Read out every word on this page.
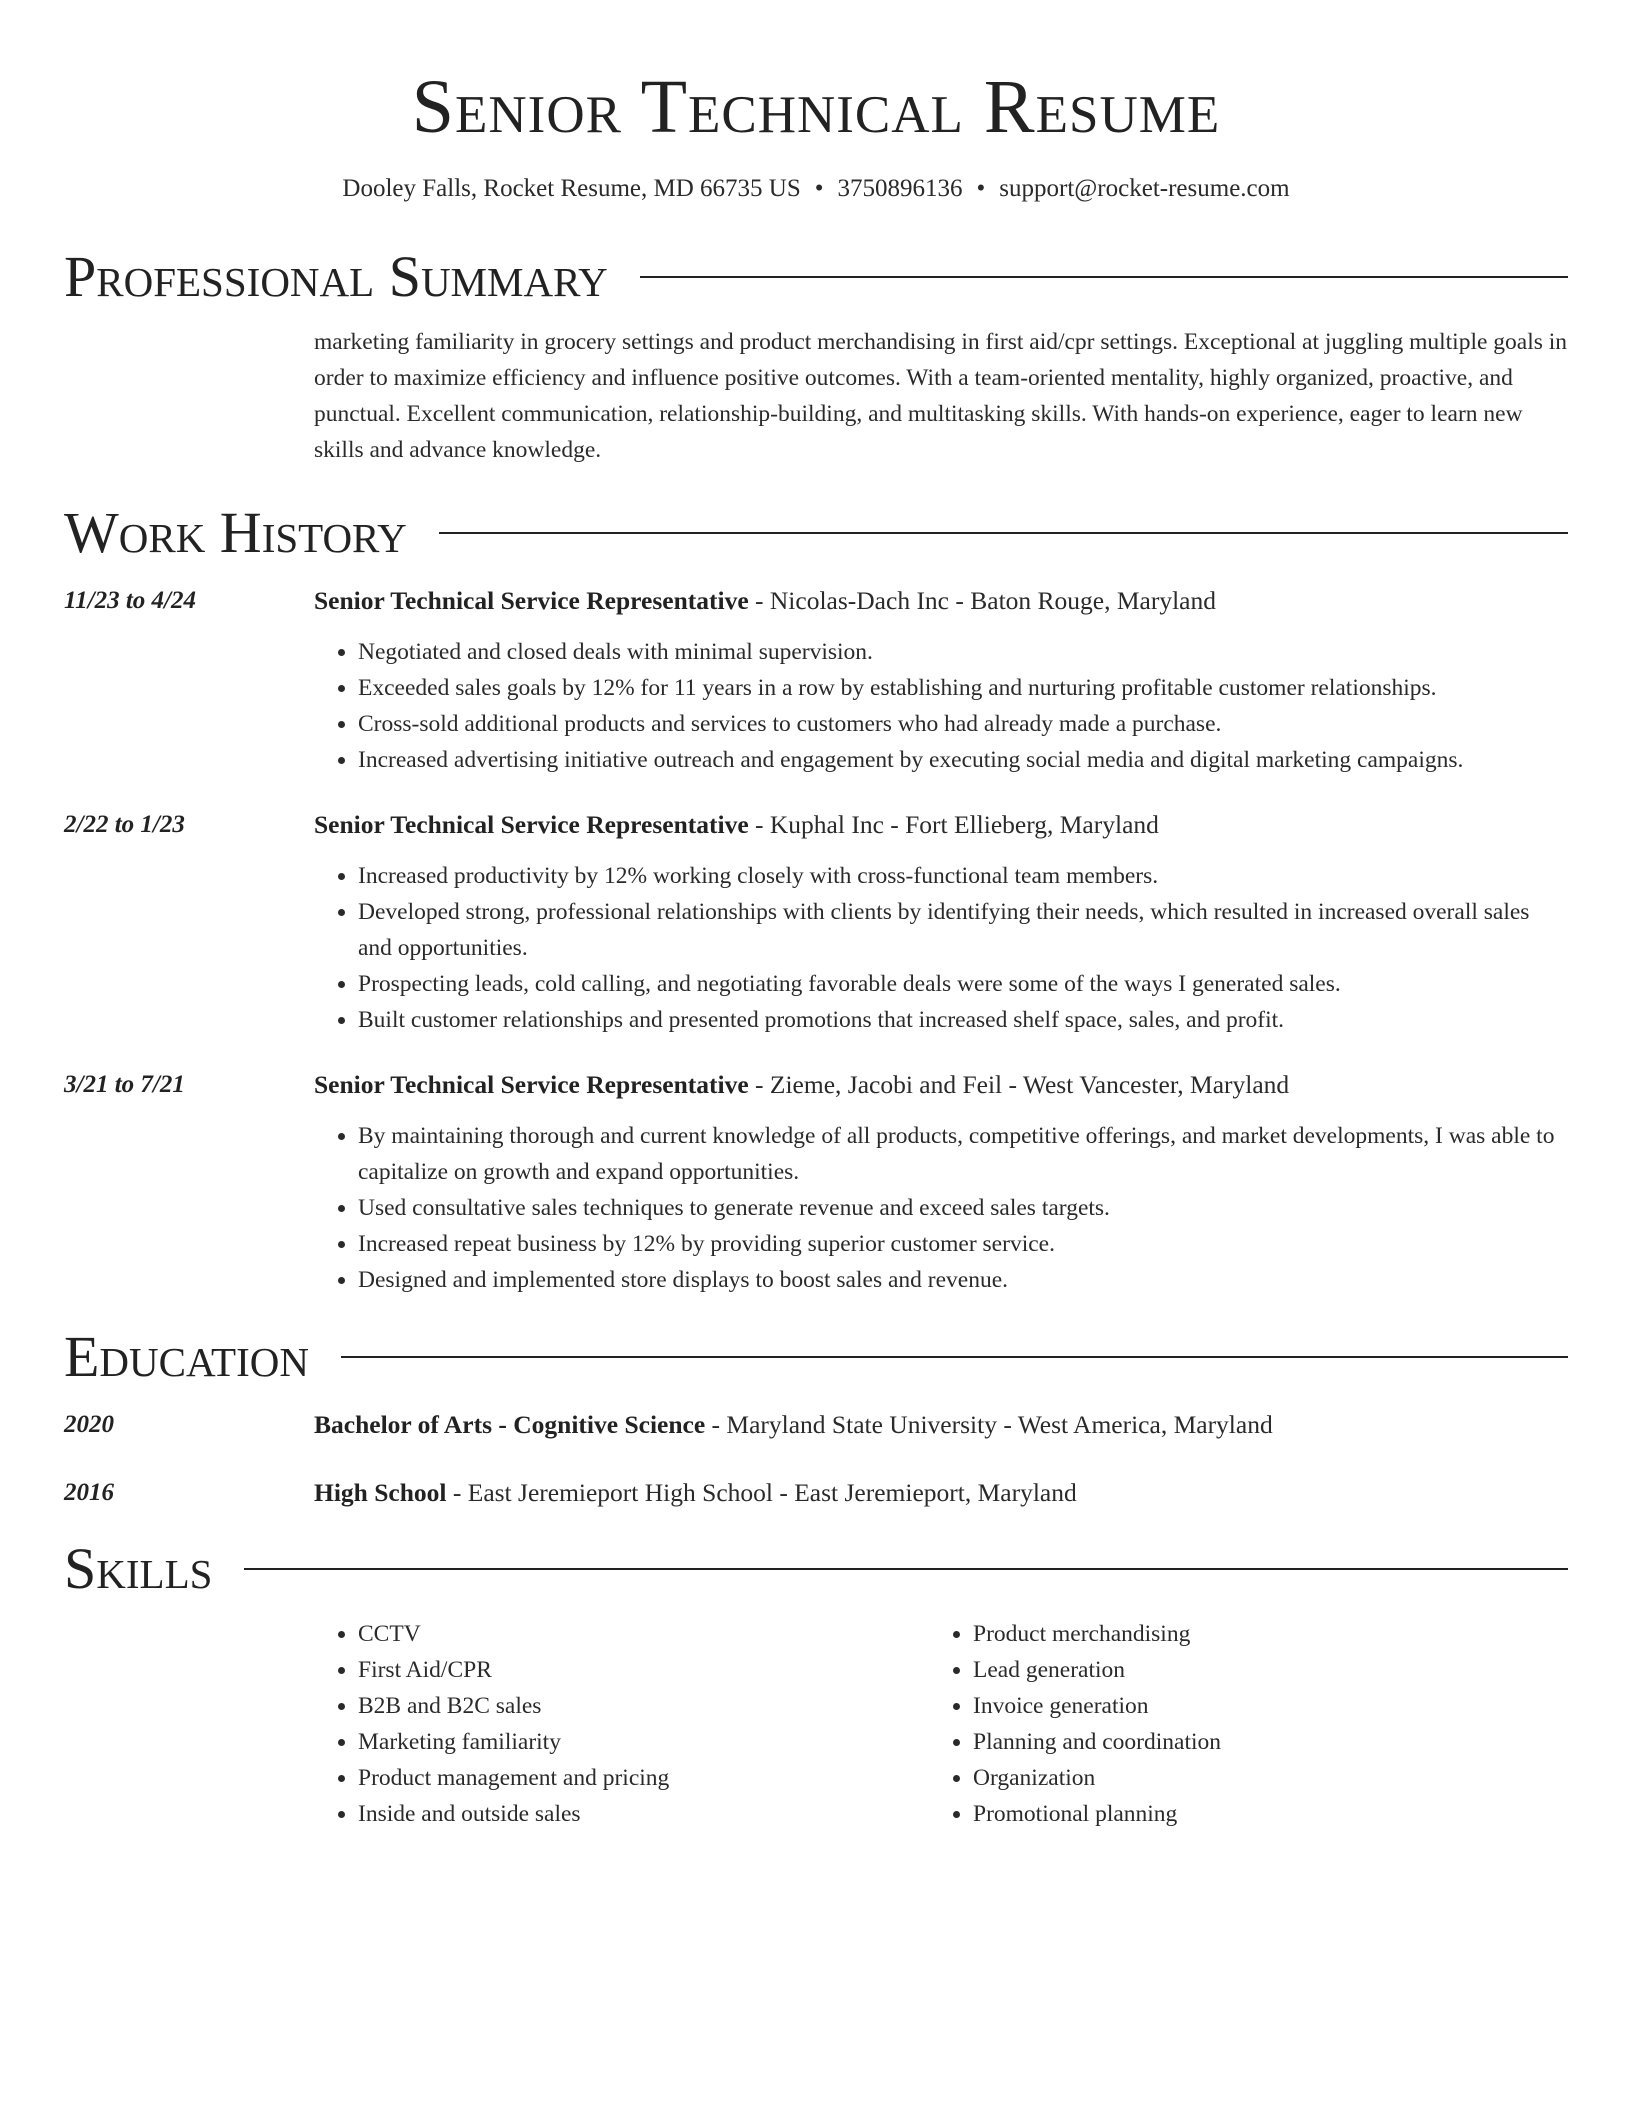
Senior Technical Resume
Dooley Falls, Rocket Resume, MD 66735 US • 3750896136 • support@rocket-resume.com
Professional Summary
marketing familiarity in grocery settings and product merchandising in first aid/cpr settings. Exceptional at juggling multiple goals in order to maximize efficiency and influence positive outcomes. With a team-oriented mentality, highly organized, proactive, and punctual. Excellent communication, relationship-building, and multitasking skills. With hands-on experience, eager to learn new skills and advance knowledge.
Work History
11/23 to 4/24	Senior Technical Service Representative - Nicolas-Dach Inc - Baton Rouge, Maryland
• Negotiated and closed deals with minimal supervision.
• Exceeded sales goals by 12% for 11 years in a row by establishing and nurturing profitable customer relationships.
• Cross-sold additional products and services to customers who had already made a purchase.
• Increased advertising initiative outreach and engagement by executing social media and digital marketing campaigns.
2/22 to 1/23	Senior Technical Service Representative - Kuphal Inc - Fort Ellieberg, Maryland
• Increased productivity by 12% working closely with cross-functional team members.
• Developed strong, professional relationships with clients by identifying their needs, which resulted in increased overall sales and opportunities.
• Prospecting leads, cold calling, and negotiating favorable deals were some of the ways I generated sales.
• Built customer relationships and presented promotions that increased shelf space, sales, and profit.
3/21 to 7/21	Senior Technical Service Representative - Zieme, Jacobi and Feil - West Vancester, Maryland
• By maintaining thorough and current knowledge of all products, competitive offerings, and market developments, I was able to capitalize on growth and expand opportunities.
• Used consultative sales techniques to generate revenue and exceed sales targets.
• Increased repeat business by 12% by providing superior customer service.
• Designed and implemented store displays to boost sales and revenue.
Education
2020	Bachelor of Arts - Cognitive Science - Maryland State University - West America, Maryland
2016	High School - East Jeremieport High School - East Jeremieport, Maryland
Skills
• CCTV
• First Aid/CPR
• B2B and B2C sales
• Marketing familiarity
• Product management and pricing
• Inside and outside sales
• Product merchandising
• Lead generation
• Invoice generation
• Planning and coordination
• Organization
• Promotional planning
